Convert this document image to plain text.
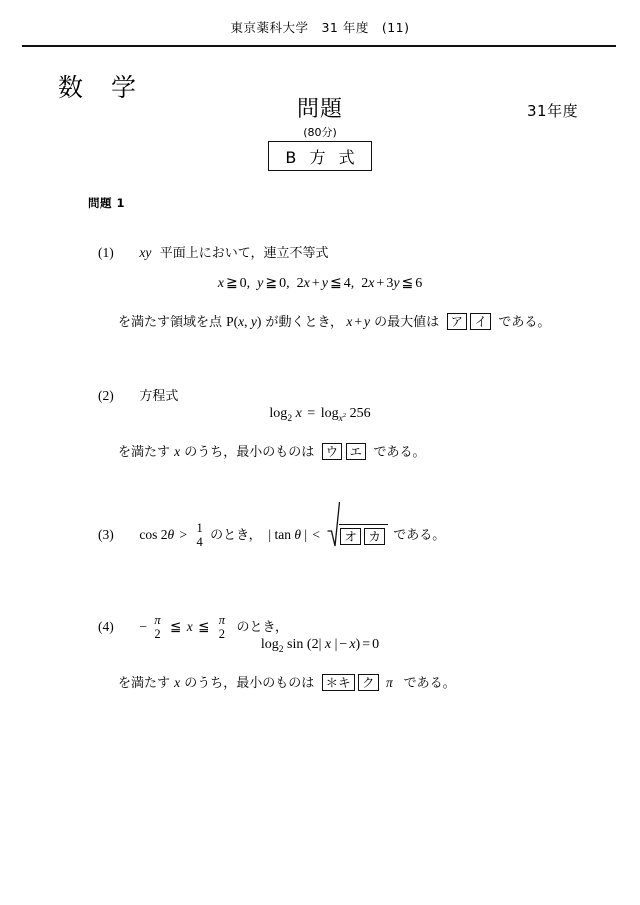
東京薬科大学　31 年度　(11)
数 学
問題
(80分)
B 方 式
31年度
問題 1
(1) xy 平面上において，連立不等式
x ≧ 0, y ≧ 0, 2x + y ≦ 4, 2x + 3y ≦ 6
を満たす領域を点 P(x, y) が動くとき， x + y の最大値は ア イ である。
(2) 方程式
$\log_2 x = \log_{x^2} 256$
を満たす x のうち，最小のものは ウ エ である。
(3) cos 2θ > 1
4 のとき，  | tan θ | < オ カ である。
(4) − π
2 ≦ x ≦ π
2 のとき，
$\log_2 \sin (2|$ x | − x) = 0
を満たす x のうち，最小のものは ＊キ ク π である。
